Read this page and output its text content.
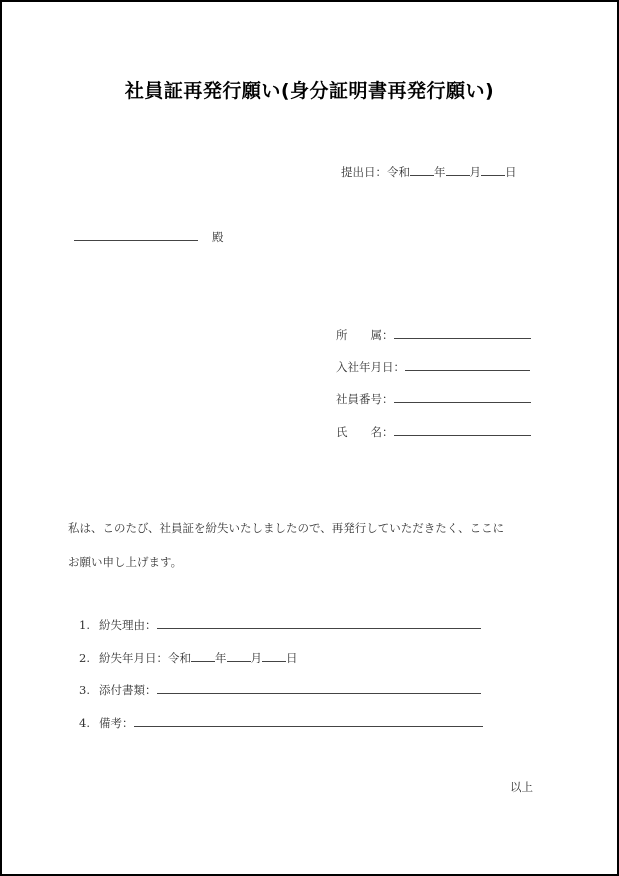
社員証再発行願い(身分証明書再発行願い)
提出日：令和 年 月 日
殿
所　　属：
入社年月日：
社員番号：
氏　　名：
私は、このたび、社員証を紛失いたしましたので、再発行していただきたく、ここに
お願い申し上げます。
1. 紛失理由：
2. 紛失年月日：令和 年 月 日
3. 添付書類：
4. 備考：
以上
